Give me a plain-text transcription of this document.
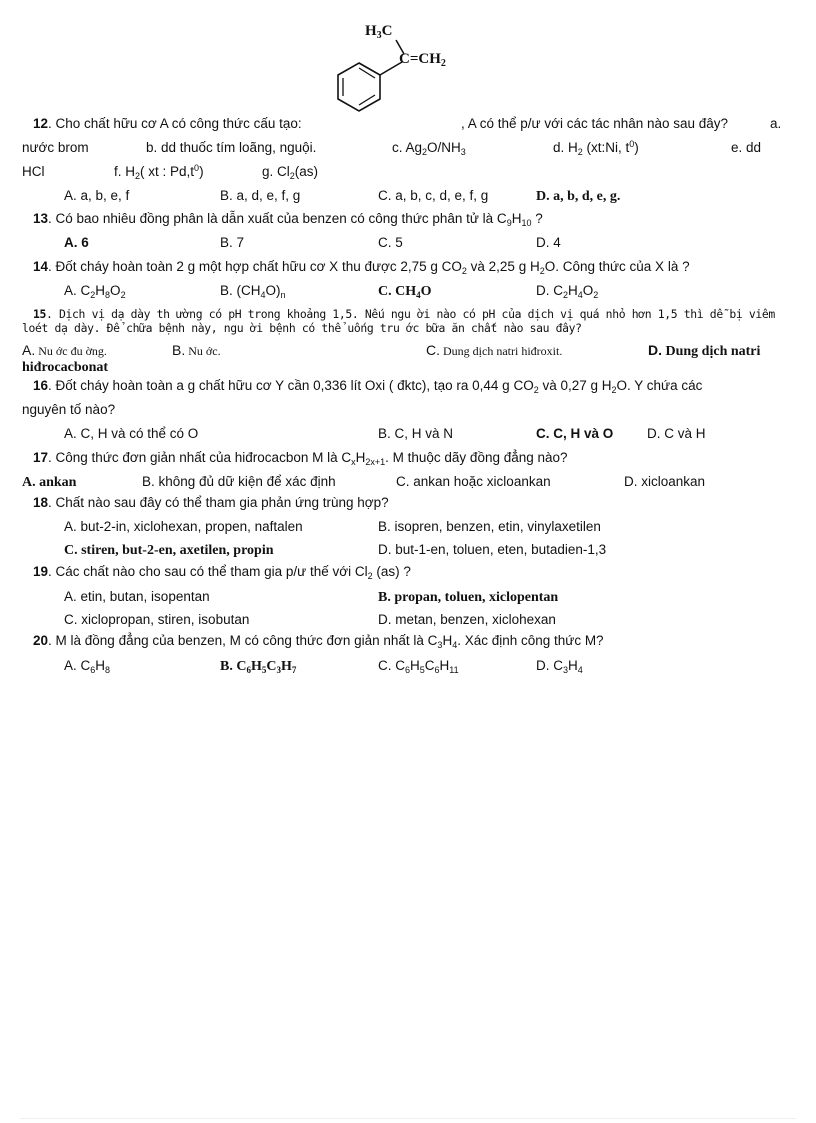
$H_3C$
$C=CH_2$
12. Cho chất hữu cơ A có công thức cấu tạo:	, A có thể p/ư với các tác nhân nào sau đây?	a.
nước brom	b. dd thuốc tím loãng, nguội.	c. $Ag_2O/NH_3$	d. $H_2$ (xt:Ni, $t^0$)	e. dd
HCl	f. $H_2$( xt : $Pd,t^0$)	g. $Cl_2(as)$
A. a, b, e, f	B. a, d, e, f, g	C. a, b, c, d, e, f, g	D. a, b, d, e, g.
13. Có bao nhiêu đồng phân là dẫn xuất của benzen có công thức phân tử là $C_9H_{10}$ ?
A. 6	B. 7	C. 5	D. 4
14. Đốt cháy hoàn toàn 2 g một hợp chất hữu cơ X thu được 2,75 g $CO_2$ và 2,25 g $H_2O$. Công thức của X là ?
A. $C_2H_8O_2$	B. $(CH_4O)_n$	C. $CH_4O$	D. $C_2H_4O_2$
15. Dịch vị dạ dày th ường có pH trong khoảng 1,5. Nếu ngu ời nào có pH của dịch vị quá nhỏ hơn 1,5 thì dễ bị viêm
loét dạ dày. Để chữa bệnh này, ngu ời bệnh có thể uống tru ớc bữa ăn chất nào sau đây?
A. Nu ớc đu ờng.	B. Nu ớc.	C. Dung dịch natri hiđroxit.	D. Dung dịch natri
hiđrocacbonat
16. Đốt cháy hoàn toàn a g chất hữu cơ Y cần 0,336 lít Oxi ( đktc), tạo ra 0,44 g $CO_2$ và 0,27 g $H_2O$. Y chứa các
nguyên tố nào?
A. C, H và có thể có O	B. C, H và N	C. C, H và O D. C và H
17. Công thức đơn giản nhất của hiđrocacbon M là $C_xH_{2x+1}$. M thuộc dãy đồng đẳng nào?
A. ankan	B. không đủ dữ kiện để xác định	C. ankan hoặc xicloankan	D. xicloankan
18. Chất nào sau đây có thể tham gia phản ứng trùng hợp?
A. but-2-in, xiclohexan, propen, naftalen	B. isopren, benzen, etin, vinylaxetilen
C. stiren, but-2-en, axetilen, propin	D. but-1-en, toluen, eten, butadien-1,3
19. Các chất nào cho sau có thể tham gia p/ư thế với $Cl_2$ (as) ?
A. etin, butan, isopentan	B. propan, toluen, xiclopentan
C. xiclopropan, stiren, isobutan	D. metan, benzen, xiclohexan
20. M là đồng đẳng của benzen, M có công thức đơn giản nhất là $C_3H_4$. Xác định công thức M?
A. $C_6H_8$	B. $C_6H_5C_3H_7$	C. $C_6H_5C_6H_{11}$	D. $C_3H_4$
